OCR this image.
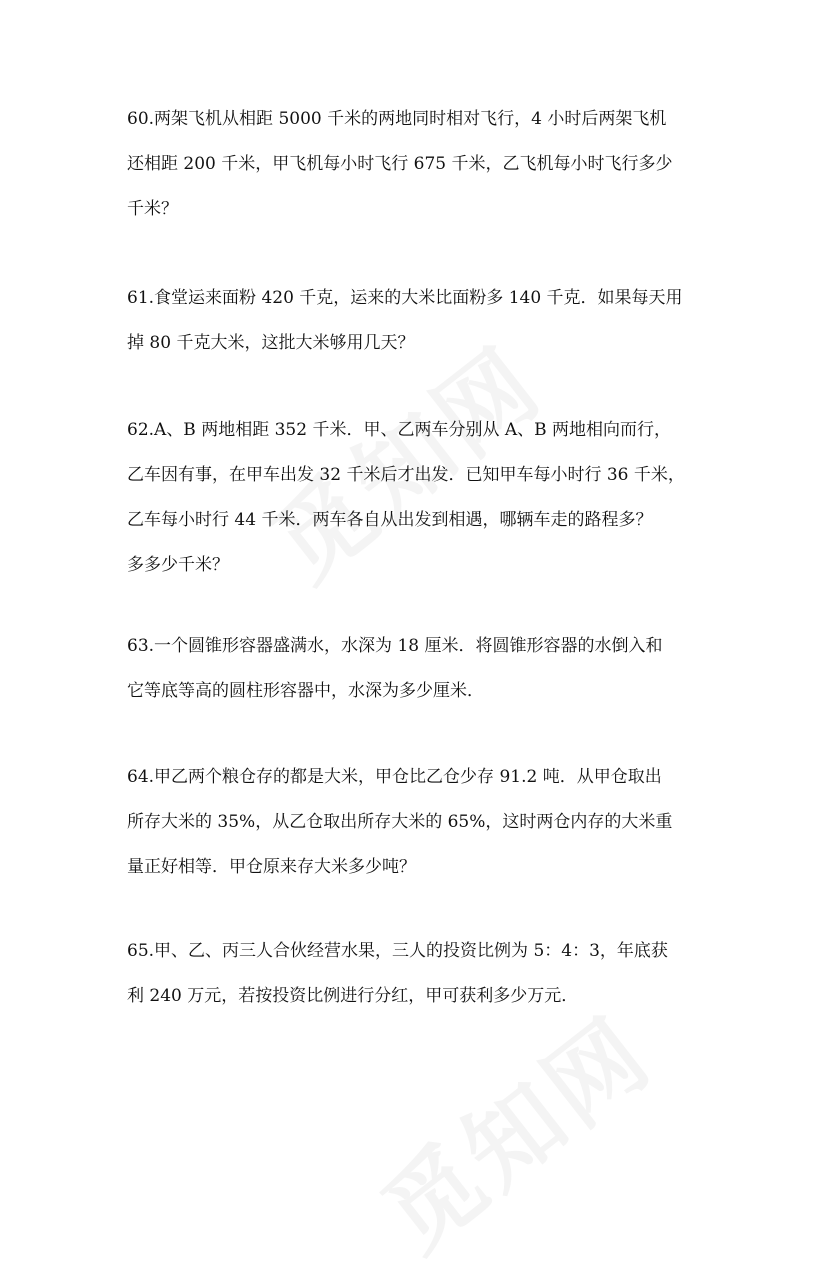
60.两架飞机从相距 5000 千米的两地同时相对飞行，4 小时后两架飞机
还相距 200 千米，甲飞机每小时飞行 675 千米，乙飞机每小时飞行多少
千米？
61.食堂运来面粉 420 千克，运来的大米比面粉多 140 千克．如果每天用
掉 80 千克大米，这批大米够用几天？
62.A、B 两地相距 352 千米．甲、乙两车分别从 A、B 两地相向而行，
乙车因有事，在甲车出发 32 千米后才出发．已知甲车每小时行 36 千米，
乙车每小时行 44 千米．两车各自从出发到相遇，哪辆车走的路程多？
多多少千米？
63.一个圆锥形容器盛满水，水深为 18 厘米．将圆锥形容器的水倒入和
它等底等高的圆柱形容器中，水深为多少厘米．
64.甲乙两个粮仓存的都是大米，甲仓比乙仓少存 91.2 吨．从甲仓取出
所存大米的 35%，从乙仓取出所存大米的 65%，这时两仓内存的大米重
量正好相等．甲仓原来存大米多少吨？
65.甲、乙、丙三人合伙经营水果，三人的投资比例为 5：4：3，年底获
利 240 万元，若按投资比例进行分红，甲可获利多少万元．
